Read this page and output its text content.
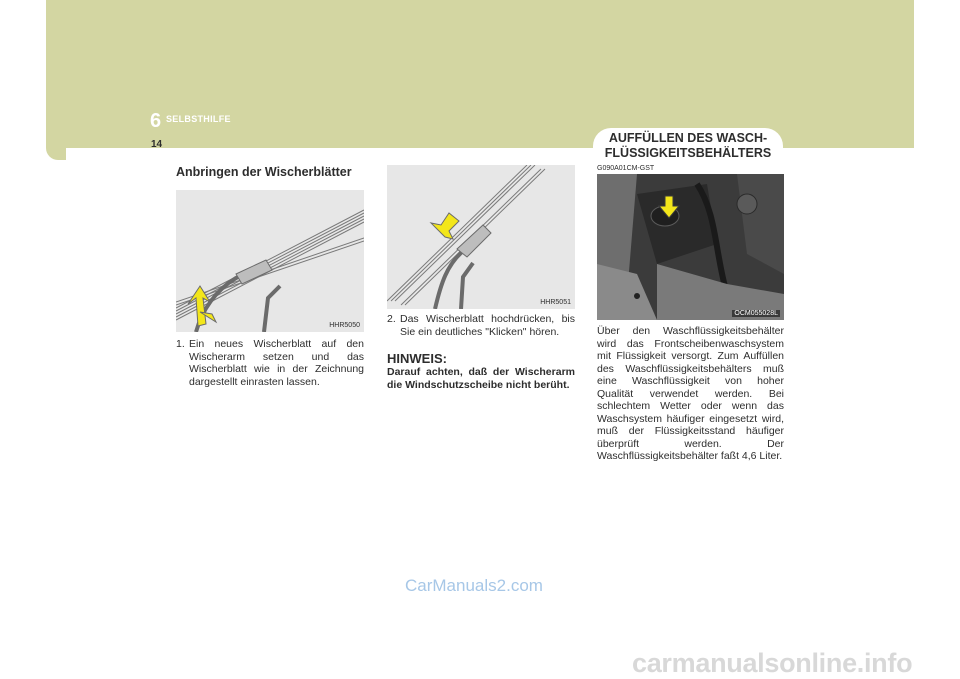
6 SELBSTHILFE
14	AUFFÜLLEN DES WASCH-
FLÜSSIGKEITSBEHÄLTERS
Anbringen der Wischerblätter
HHR5050
1. Ein neues Wischerblatt auf den Wischerarm setzen und das Wischerblatt wie in der Zeichnung dargestellt einrasten lassen.
HHR5051
2. Das Wischerblatt hochdrücken, bis Sie ein deutliches "Klicken" hören.
HINWEIS:
Darauf achten, daß der Wischerarm die Windschutzscheibe nicht berüht.
G090A01CM-GST
OCM055028L
Über den Waschflüssigkeitsbehälter wird das Frontscheibenwaschsystem mit Flüssigkeit versorgt. Zum Auffüllen des Waschflüssigkeitsbehälters muß eine Waschflüssigkeit von hoher Qualität verwendet werden. Bei schlechtem Wetter oder wenn das Waschsystem häufiger eingesetzt wird, muß der Flüssigkeitsstand häufiger überprüft werden. Der Waschflüssigkeitsbehälter faßt 4,6 Liter.
CarManuals2.com
carmanualsonline.info
